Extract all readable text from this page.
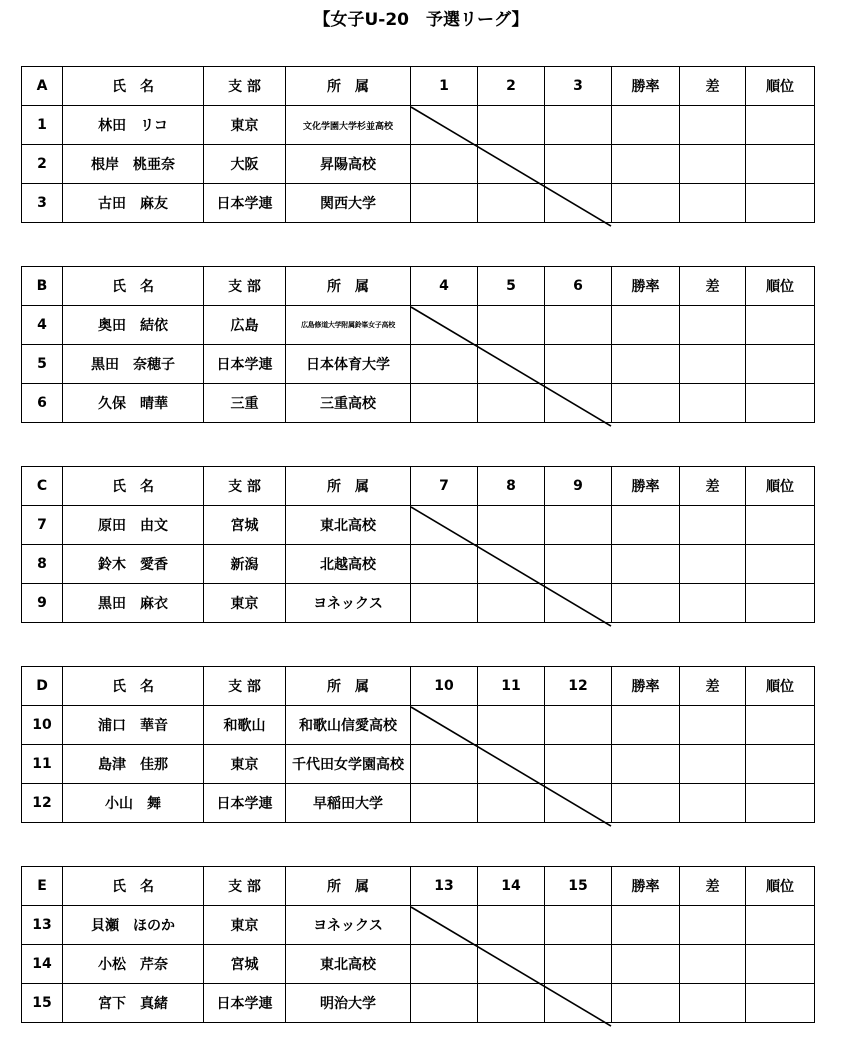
【女子U-20　予選リーグ】
A	氏　名	支 部	所　属	1	2	3	勝率	差	順位
1	林田　リコ	東京	文化学園大学杉並高校						
2	根岸　桃亜奈	大阪	昇陽高校						
3	古田　麻友	日本学連	関西大学						
B	氏　名	支 部	所　属	4	5	6	勝率	差	順位
4	奥田　結依	広島	広島修道大学附属鈴峯女子高校						
5	黒田　奈穂子	日本学連	日本体育大学						
6	久保　晴華	三重	三重高校						
C	氏　名	支 部	所　属	7	8	9	勝率	差	順位
7	原田　由文	宮城	東北高校						
8	鈴木　愛香	新潟	北越高校						
9	黒田　麻衣	東京	ヨネックス						
D	氏　名	支 部	所　属	10	11	12	勝率	差	順位
10	浦口　華音	和歌山	和歌山信愛高校						
11	島津　佳那	東京	千代田女学園高校						
12	小山　舞	日本学連	早稲田大学						
E	氏　名	支 部	所　属	13	14	15	勝率	差	順位
13	貝瀬　ほのか	東京	ヨネックス						
14	小松　芹奈	宮城	東北高校						
15	宮下　真緒	日本学連	明治大学						
